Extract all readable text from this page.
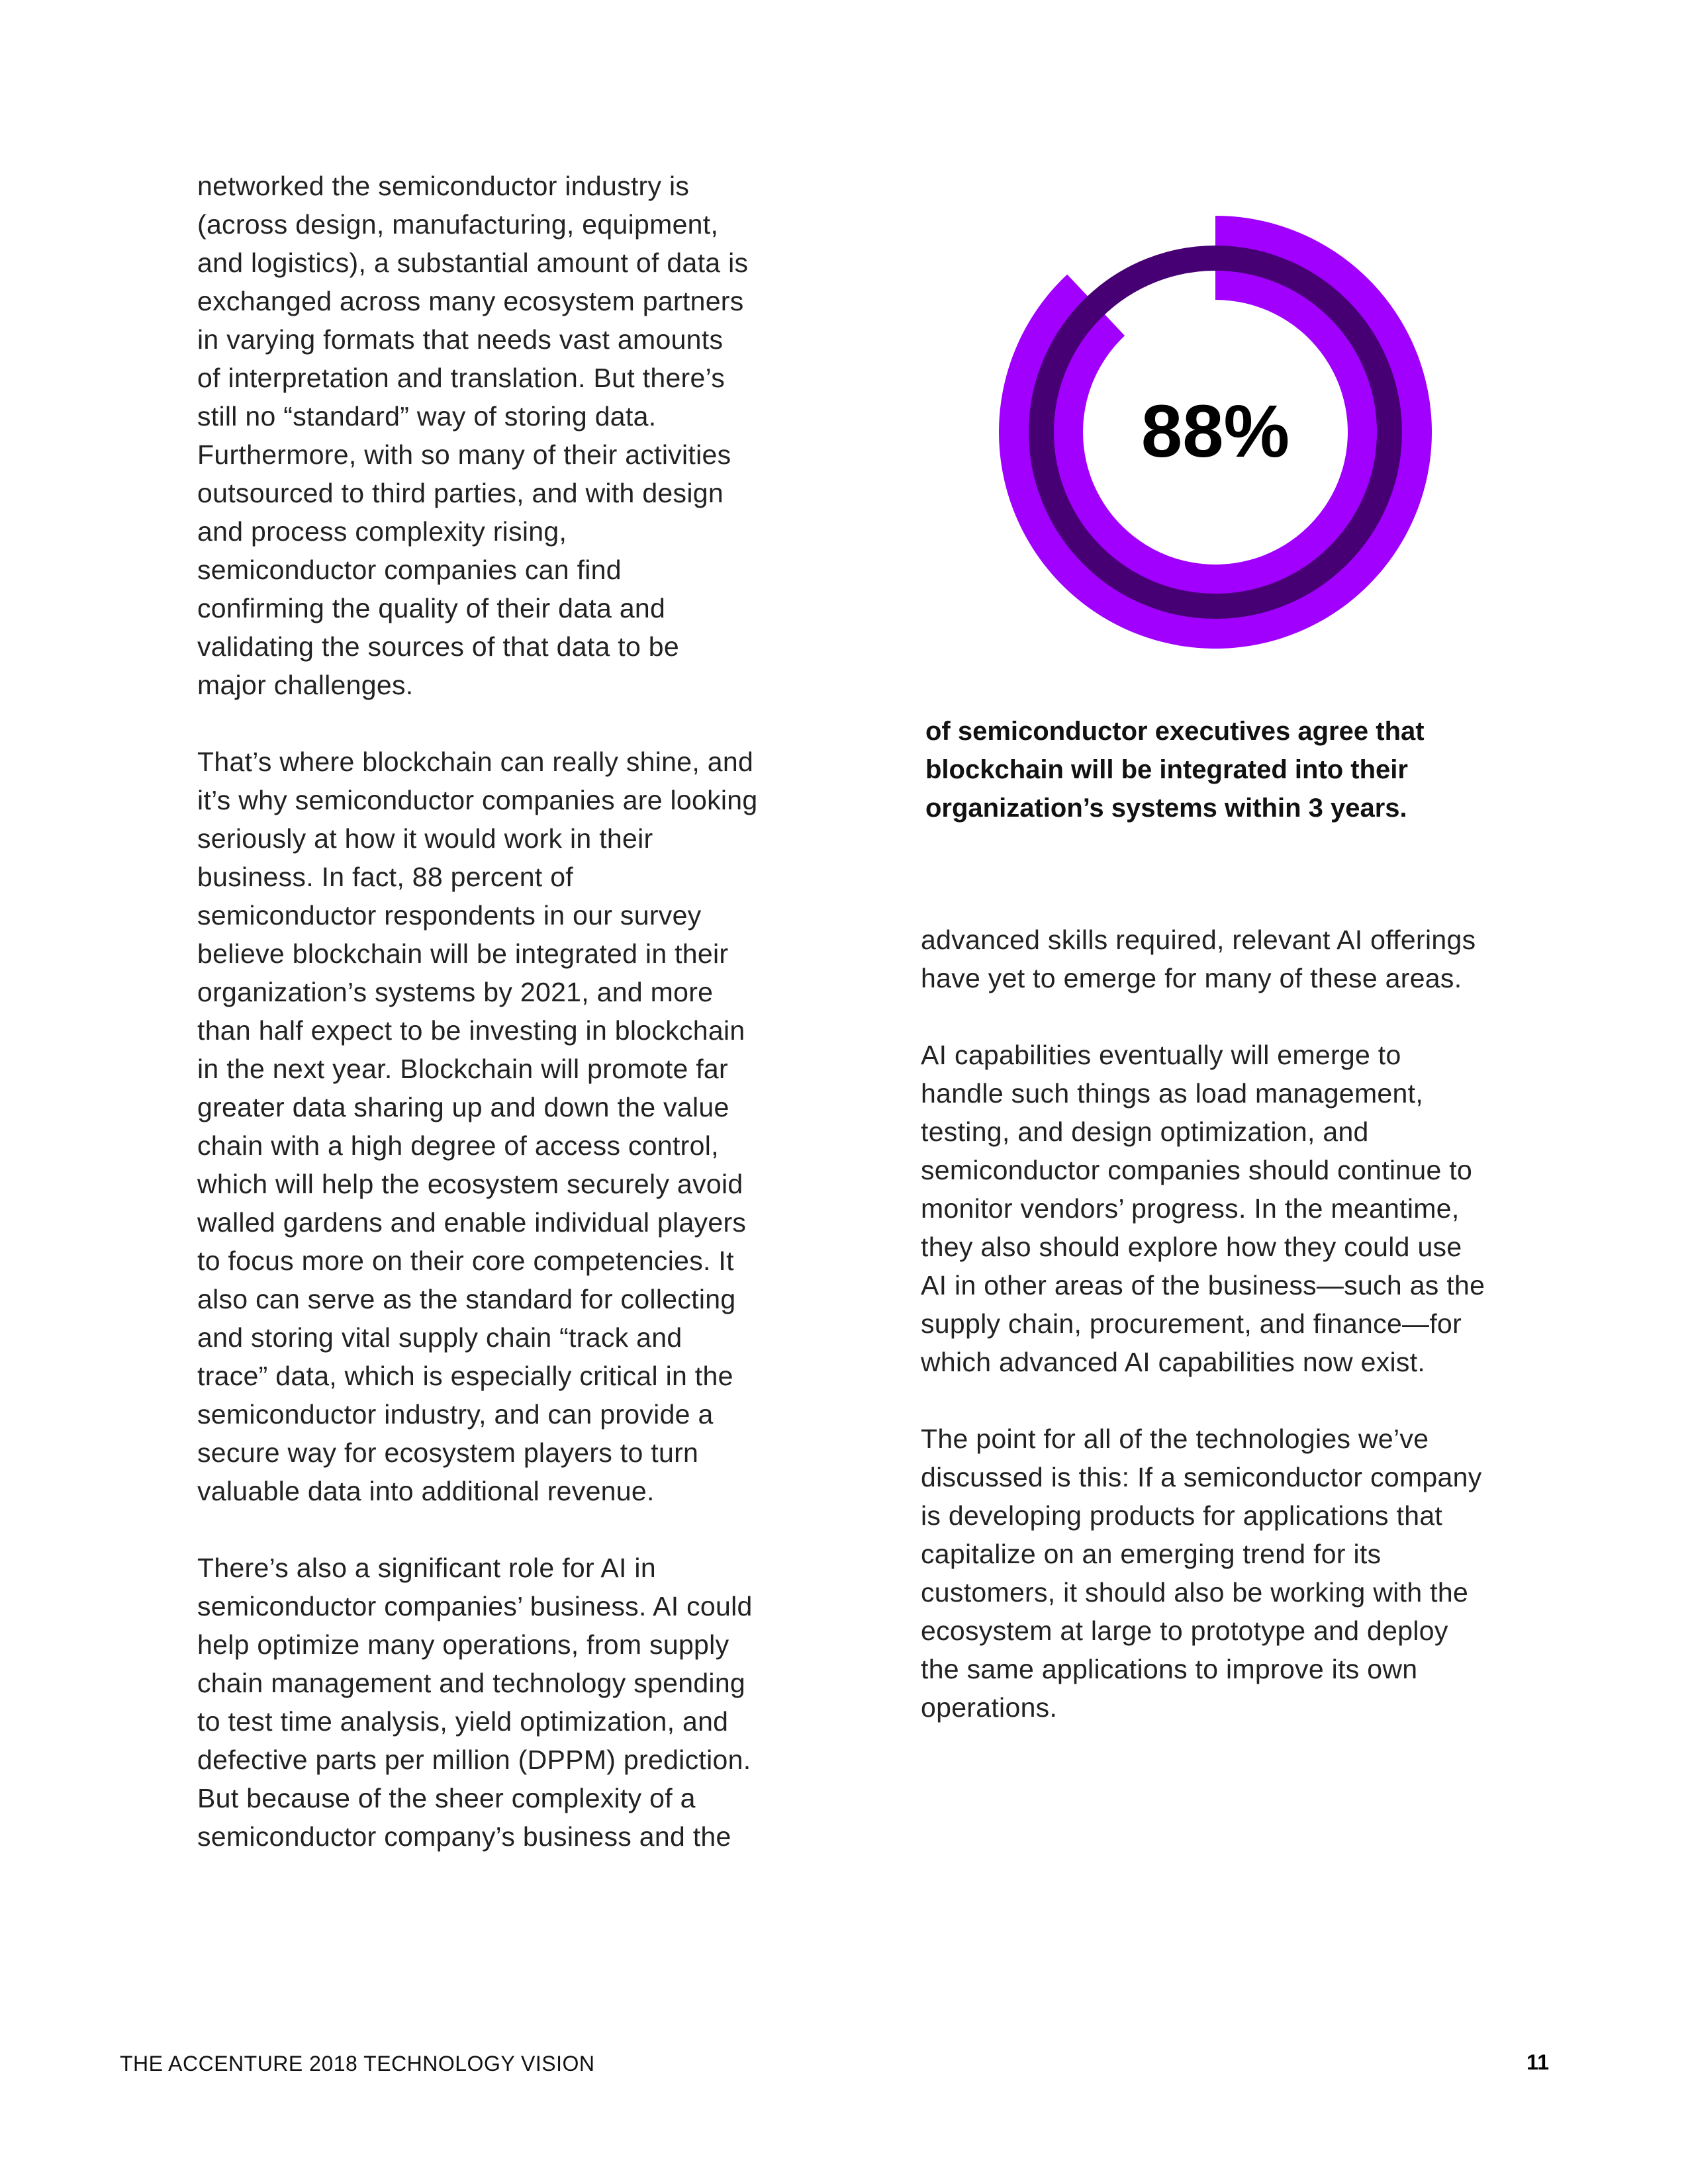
networked the semiconductor industry is
(across design, manufacturing, equipment,
and logistics), a substantial amount of data is
exchanged across many ecosystem partners
in varying formats that needs vast amounts
of interpretation and translation. But there’s
still no “standard” way of storing data.
Furthermore, with so many of their activities
outsourced to third parties, and with design
and process complexity rising,
semiconductor companies can find
confirming the quality of their data and
validating the sources of that data to be
major challenges.

That’s where blockchain can really shine, and
it’s why semiconductor companies are looking
seriously at how it would work in their
business. In fact, 88 percent of
semiconductor respondents in our survey
believe blockchain will be integrated in their
organization’s systems by 2021, and more
than half expect to be investing in blockchain
in the next year. Blockchain will promote far
greater data sharing up and down the value
chain with a high degree of access control,
which will help the ecosystem securely avoid
walled gardens and enable individual players
to focus more on their core competencies. It
also can serve as the standard for collecting
and storing vital supply chain “track and
trace” data, which is especially critical in the
semiconductor industry, and can provide a
secure way for ecosystem players to turn
valuable data into additional revenue.

There’s also a significant role for AI in
semiconductor companies’ business. AI could
help optimize many operations, from supply
chain management and technology spending
to test time analysis, yield optimization, and
defective parts per million (DPPM) prediction.
But because of the sheer complexity of a
semiconductor company’s business and the

88%
of semiconductor executives agree that
blockchain will be integrated into their
organization’s systems within 3 years.

advanced skills required, relevant AI offerings
have yet to emerge for many of these areas.

AI capabilities eventually will emerge to
handle such things as load management,
testing, and design optimization, and
semiconductor companies should continue to
monitor vendors’ progress. In the meantime,
they also should explore how they could use
AI in other areas of the business—such as the
supply chain, procurement, and finance—for
which advanced AI capabilities now exist.

The point for all of the technologies we’ve
discussed is this: If a semiconductor company
is developing products for applications that
capitalize on an emerging trend for its
customers, it should also be working with the
ecosystem at large to prototype and deploy
the same applications to improve its own
operations.

THE ACCENTURE 2018 TECHNOLOGY VISION	11
